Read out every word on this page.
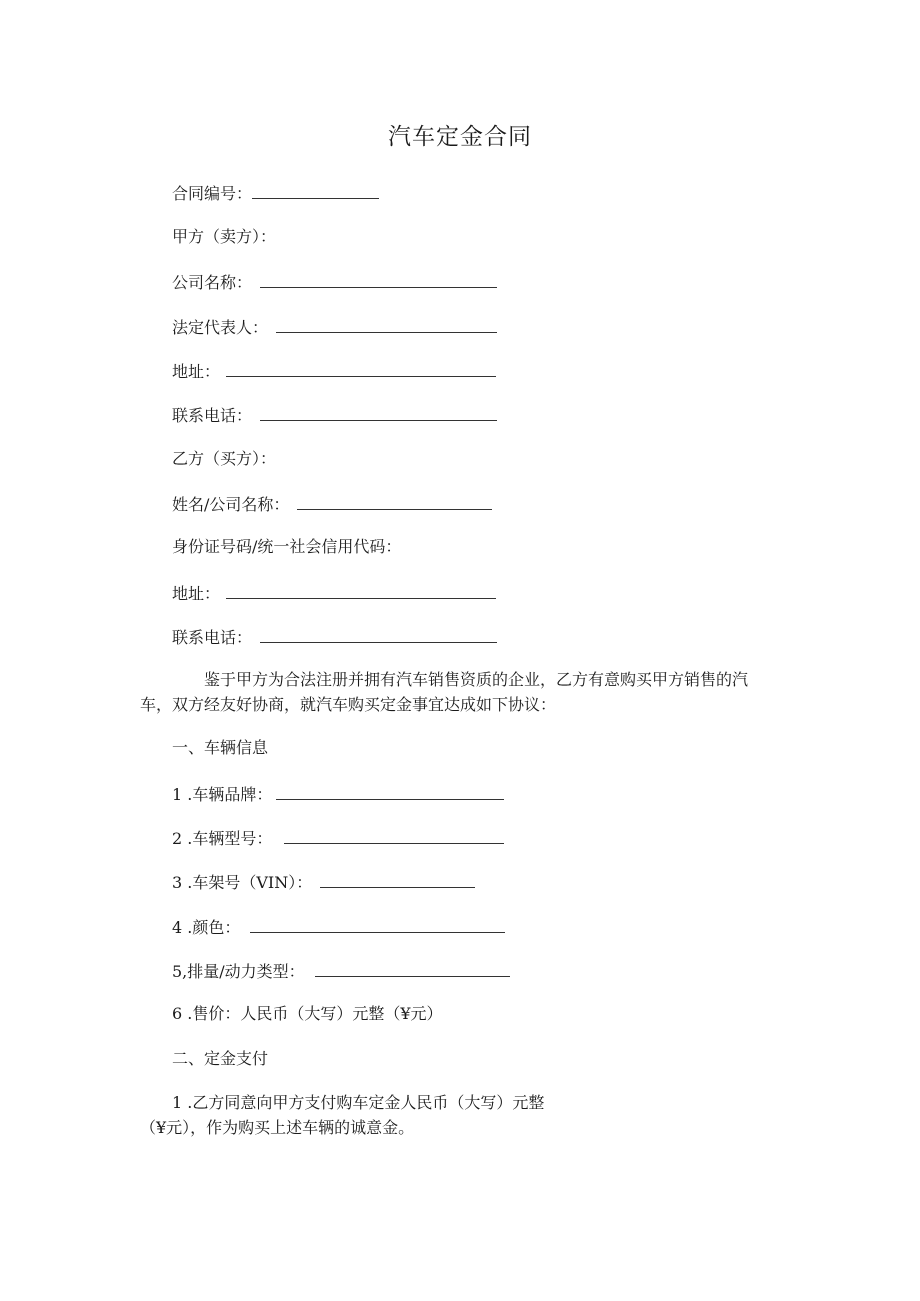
汽车定金合同
合同编号：
甲方（卖方）：
公司名称：
法定代表人：
地址：
联系电话：
乙方（买方）：
姓名/公司名称：
身份证号码/统一社会信用代码：
地址：
联系电话：
鉴于甲方为合法注册并拥有汽车销售资质的企业，乙方有意购买甲方销售的汽
车，双方经友好协商，就汽车购买定金事宜达成如下协议：
一、车辆信息
1 .车辆品牌：
2 .车辆型号：
3 .车架号（VIN）：
4 .颜色：
5,排量/动力类型：
6 .售价：人民币（大写）元整（¥元）
二、定金支付
1 .乙方同意向甲方支付购车定金人民币（大写）元整
（¥元），作为购买上述车辆的诚意金。
